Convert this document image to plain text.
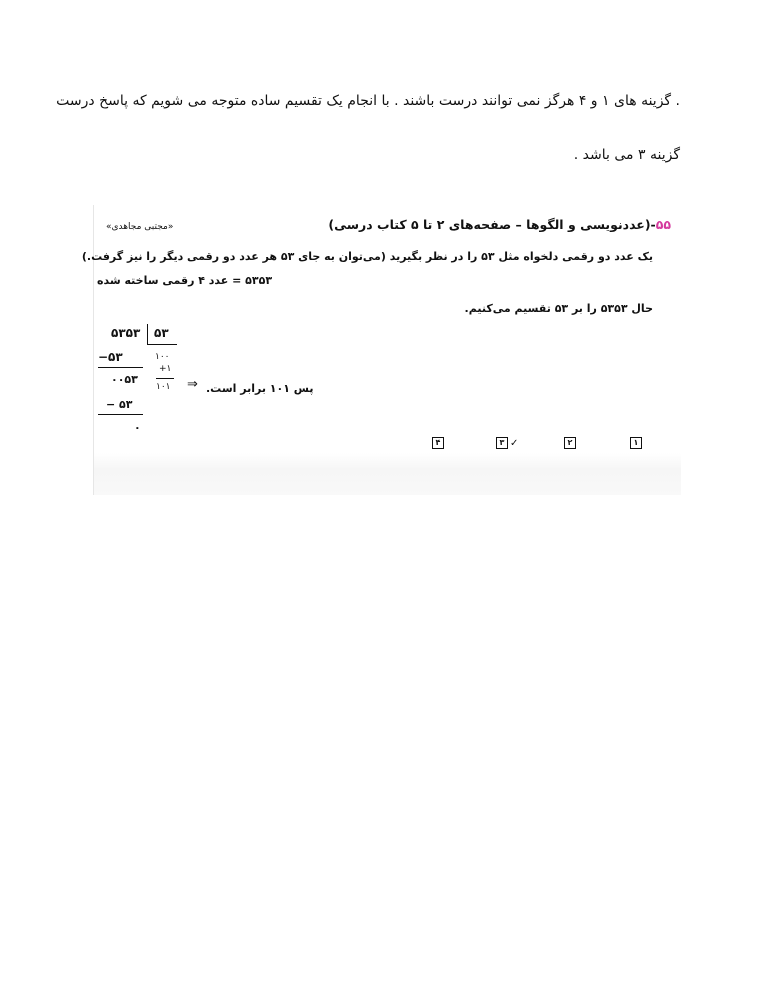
. گزینه های ۱ و ۴ هرگز نمی توانند درست باشند . با انجام یک تقسیم ساده متوجه می شویم که پاسخ درست
گزینه ۳ می باشد .
۵۵-(عددنویسی و الگوها – صفحه‌های ۲ تا ۵ کتاب درسی)
«مجتبی مجاهدی»
یک عدد دو رقمی دلخواه مثل ۵۳ را در نظر بگیرید (می‌توان به جای ۵۳ هر عدد دو رقمی دیگر را نیز گرفت.)
۵۳۵۳ = عدد ۴ رقمی ساخته شده
حال ۵۳۵۳ را بر ۵۳ تقسیم می‌کنیم.
۵۳۵۳ ۵۳
−۵۳
۰۰۵۳
− ۵۳
۰
۱۰۰
+۱
۱۰۱ ⇒ پس ۱۰۱ برابر است.
۴	۳ ✓	۲	۱
